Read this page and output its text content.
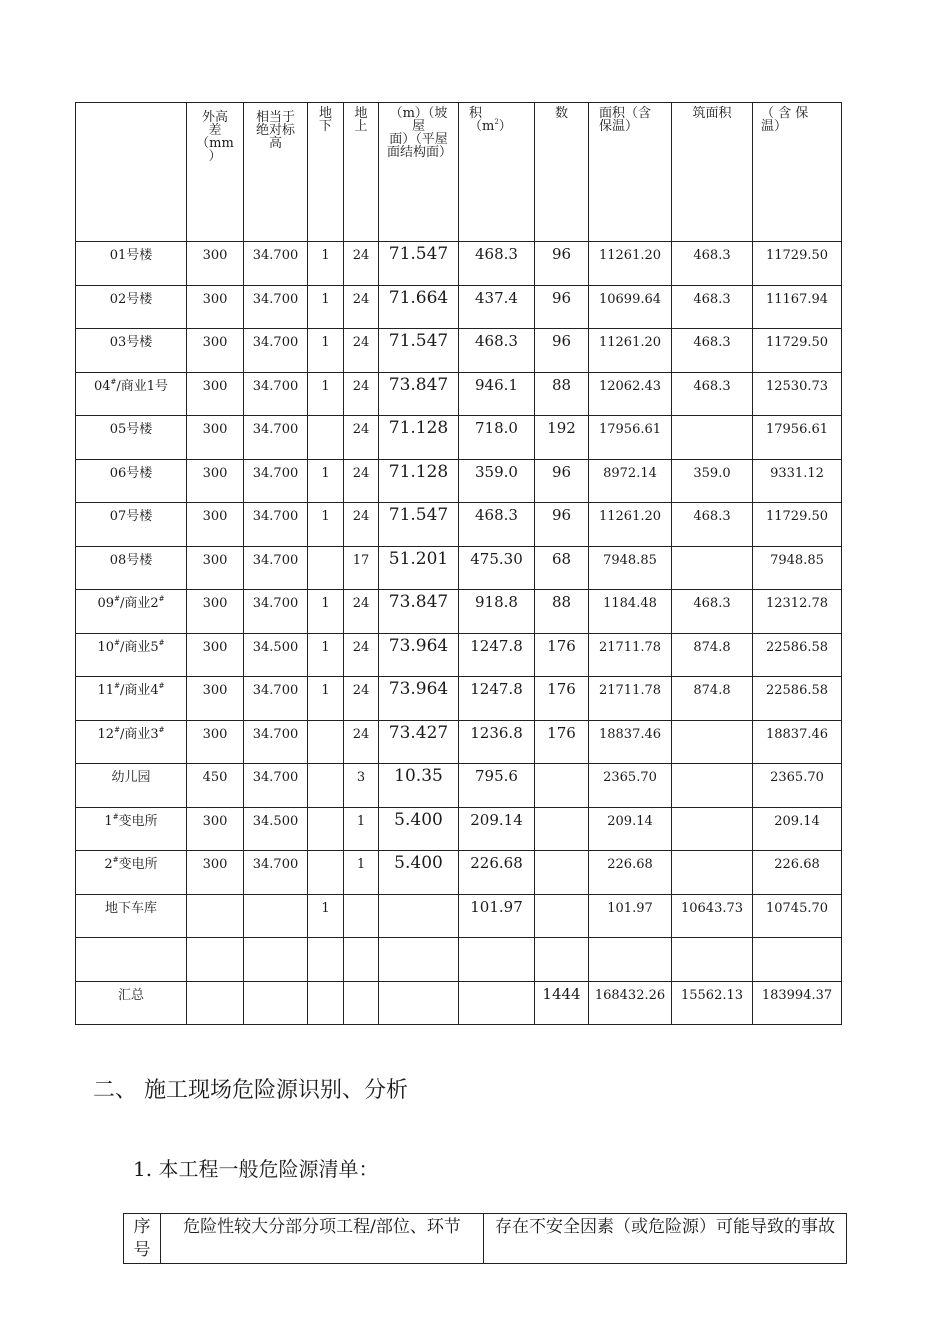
	外高
差
（mm
）	相当于
绝对标
高	地
下	地
上	（m）（坡屋
面）（平屋
面结构面）	积
$(m^2)$	数	面积（含
保温）	筑面积	（ 含 保
温）
01号楼	300	34.700	1	24	71.547	468.3	96	11261.20	468.3	11729.50
02号楼	300	34.700	1	24	71.664	437.4	96	10699.64	468.3	11167.94
03号楼	300	34.700	1	24	71.547	468.3	96	11261.20	468.3	11729.50
04#/商业1号	300	34.700	1	24	73.847	946.1	88	12062.43	468.3	12530.73
05号楼	300	34.700		24	71.128	718.0	192	17956.61		17956.61
06号楼	300	34.700	1	24	71.128	359.0	96	8972.14	359.0	9331.12
07号楼	300	34.700	1	24	71.547	468.3	96	11261.20	468.3	11729.50
08号楼	300	34.700		17	51.201	475.30	68	7948.85		7948.85
09#/商业2#	300	34.700	1	24	73.847	918.8	88	1184.48	468.3	12312.78
10#/商业5#	300	34.500	1	24	73.964	1247.8	176	21711.78	874.8	22586.58
11#/商业4#	300	34.700	1	24	73.964	1247.8	176	21711.78	874.8	22586.58
12#/商业3#	300	34.700		24	73.427	1236.8	176	18837.46		18837.46
幼儿园	450	34.700		3	10.35	795.6		2365.70		2365.70
1#变电所	300	34.500		1	5.400	209.14		209.14		209.14
2#变电所	300	34.700		1	5.400	226.68		226.68		226.68
地下车库			1			101.97		101.97	10643.73	10745.70

汇总							1444	168432.26	15562.13	183994.37
二、 施工现场危险源识别、分析
1. 本工程一般危险源清单：
序号	危险性较大分部分项工程/部位、环节	存在不安全因素（或危险源）可能导致的事故
